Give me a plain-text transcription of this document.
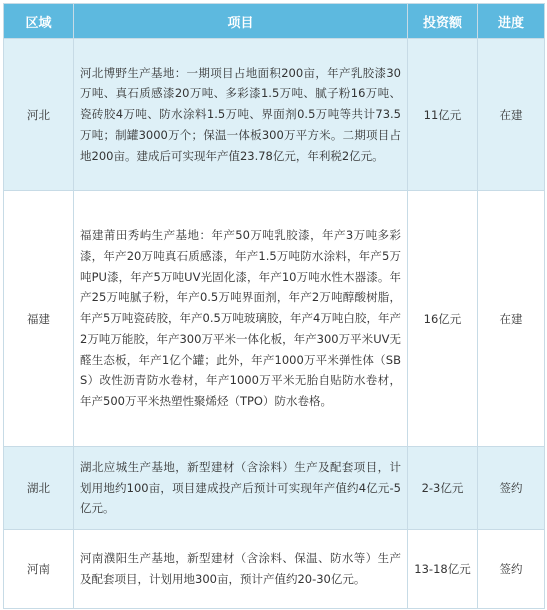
区域	项目	投资额	进度
河北	河北博野生产基地：一期项目占地面积200亩，年产乳胶漆30万吨、真石质感漆20万吨、多彩漆1.5万吨、腻子粉16万吨、瓷砖胶4万吨、防水涂料1.5万吨、界面剂0.5万吨等共计73.5万吨；制罐3000万个；保温一体板300万平方米。二期项目占地200亩。建成后可实现年产值23.78亿元，年利税2亿元。	11亿元	在建
福建	福建莆田秀屿生产基地：年产50万吨乳胶漆，年产3万吨多彩漆，年产20万吨真石质感漆，年产1.5万吨防水涂料，年产5万吨PU漆，年产5万吨UV光固化漆，年产10万吨水性木器漆。年产25万吨腻子粉，年产0.5万吨界面剂，年产2万吨醇酸树脂，年产5万吨瓷砖胶，年产0.5万吨玻璃胶，年产4万吨白胶，年产2万吨万能胶，年产300万平米一体化板，年产300万平米UV无醛生态板，年产1亿个罐；此外，年产1000万平米弹性体（SBS）改性沥青防水卷材，年产1000万平米无胎自贴防水卷材，年产500万平米热塑性聚烯烃（TPO）防水卷格。	16亿元	在建
湖北	湖北应城生产基地，新型建材（含涂料）生产及配套项目，计划用地约100亩，项目建成投产后预计可实现年产值约4亿元-5亿元。	2-3亿元	签约
河南	河南濮阳生产基地，新型建材（含涂料、保温、防水等）生产及配套项目，计划用地300亩，预计产值约20-30亿元。	13-18亿元	签约
